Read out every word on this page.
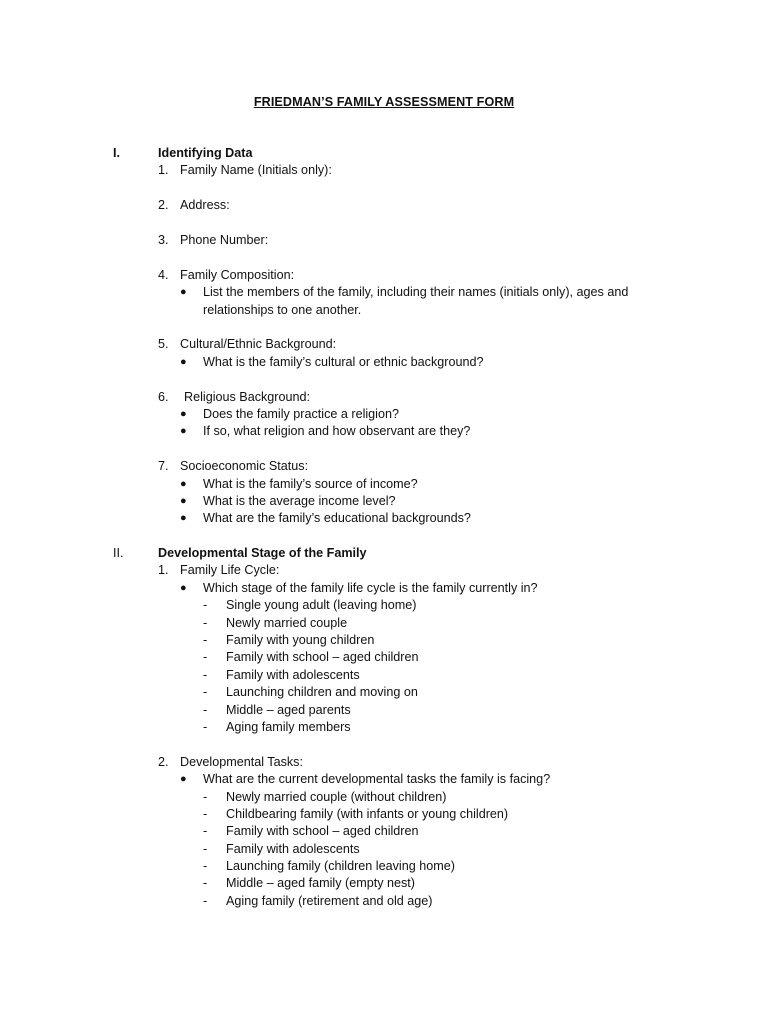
FRIEDMAN’S FAMILY ASSESSMENT FORM
I.	Identifying Data
1. Family Name (Initials only):
2. Address:
3. Phone Number:
4. Family Composition:
● List the members of the family, including their names (initials only), ages and relationships to one another.
5. Cultural/Ethnic Background:
● What is the family’s cultural or ethnic background?
6. Religious Background:
● Does the family practice a religion?
● If so, what religion and how observant are they?
7. Socioeconomic Status:
● What is the family’s source of income?
● What is the average income level?
● What are the family’s educational backgrounds?
II.	Developmental Stage of the Family
1. Family Life Cycle:
● Which stage of the family life cycle is the family currently in?
- Single young adult (leaving home)
- Newly married couple
- Family with young children
- Family with school – aged children
- Family with adolescents
- Launching children and moving on
- Middle – aged parents
- Aging family members
2. Developmental Tasks:
● What are the current developmental tasks the family is facing?
- Newly married couple (without children)
- Childbearing family (with infants or young children)
- Family with school – aged children
- Family with adolescents
- Launching family (children leaving home)
- Middle – aged family (empty nest)
- Aging family (retirement and old age)
